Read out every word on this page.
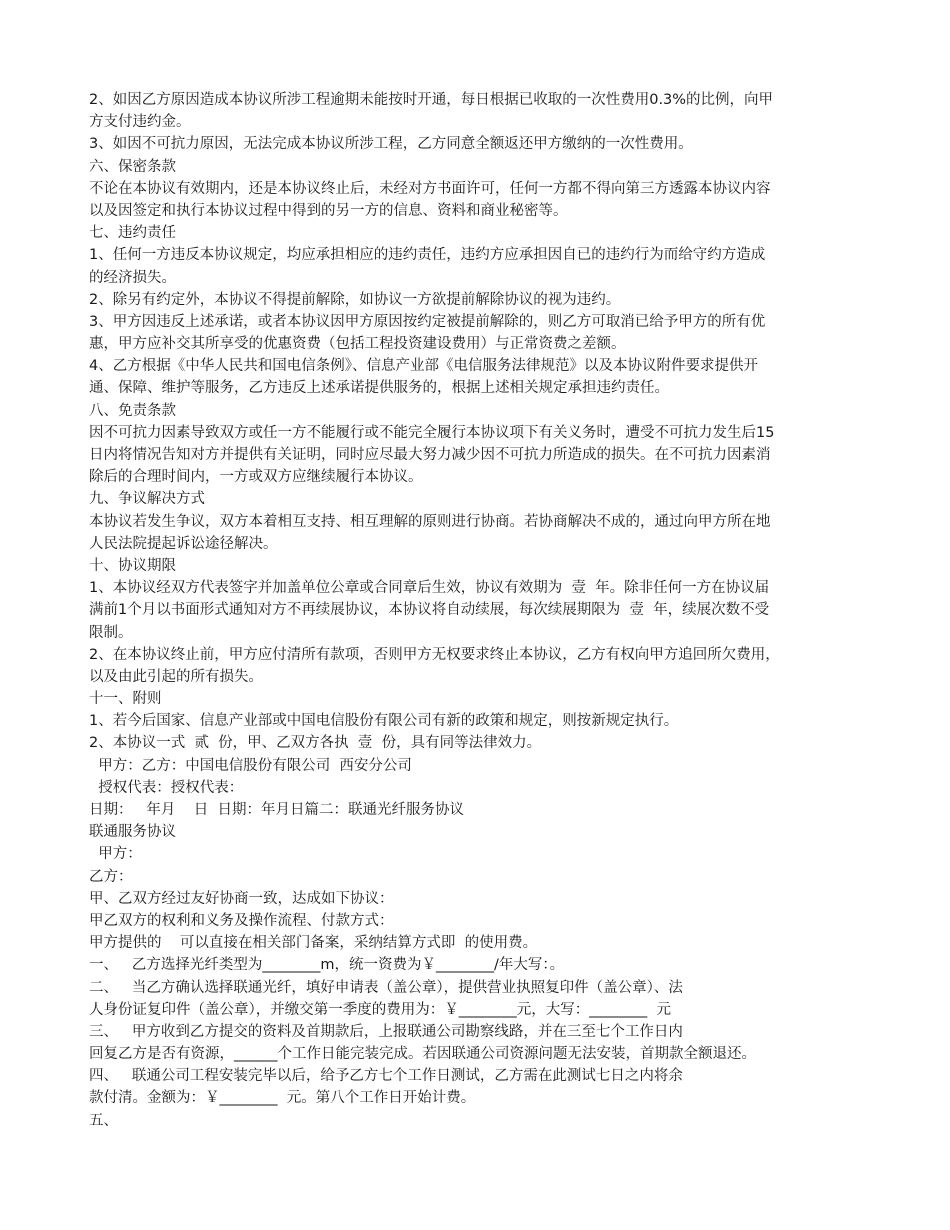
2、如因乙方原因造成本协议所涉工程逾期未能按时开通，每日根据已收取的一次性费用0.3%的比例，向甲
方支付违约金。
3、如因不可抗力原因，无法完成本协议所涉工程，乙方同意全额返还甲方缴纳的一次性费用。
六、保密条款
不论在本协议有效期内，还是本协议终止后，未经对方书面许可，任何一方都不得向第三方透露本协议内容
以及因签定和执行本协议过程中得到的另一方的信息、资料和商业秘密等。
七、违约责任
1、任何一方违反本协议规定，均应承担相应的违约责任，违约方应承担因自已的违约行为而给守约方造成
的经济损失。
2、除另有约定外，本协议不得提前解除，如协议一方欲提前解除协议的视为违约。
3、甲方因违反上述承诺，或者本协议因甲方原因按约定被提前解除的，则乙方可取消已给予甲方的所有优
惠，甲方应补交其所享受的优惠资费（包括工程投资建设费用）与正常资费之差额。
4、乙方根据《中华人民共和国电信条例》、信息产业部《电信服务法律规范》以及本协议附件要求提供开
通、保障、维护等服务，乙方违反上述承诺提供服务的，根据上述相关规定承担违约责任。
八、免责条款
因不可抗力因素导致双方或任一方不能履行或不能完全履行本协议项下有关义务时，遭受不可抗力发生后15
日内将情况告知对方并提供有关证明，同时应尽最大努力减少因不可抗力所造成的损失。在不可抗力因素消
除后的合理时间内，一方或双方应继续履行本协议。
九、争议解决方式
本协议若发生争议，双方本着相互支持、相互理解的原则进行协商。若协商解决不成的，通过向甲方所在地
人民法院提起诉讼途径解决。
十、协议期限
1、本协议经双方代表签字并加盖单位公章或合同章后生效，协议有效期为  壹  年。除非任何一方在协议届
满前1个月以书面形式通知对方不再续展协议，本协议将自动续展，每次续展期限为  壹  年，续展次数不受
限制。
2、在本协议终止前，甲方应付清所有款项，否则甲方无权要求终止本协议，乙方有权向甲方追回所欠费用，
以及由此引起的所有损失。
十一、附则
1、若今后国家、信息产业部或中国电信股份有限公司有新的政策和规定，则按新规定执行。
2、本协议一式  贰  份，甲、乙双方各执  壹  份，具有同等法律效力。
甲方：乙方：中国电信股份有限公司  西安分公司
授权代表：授权代表：
日期：   年月    日  日期：年月日篇二：联通光纤服务协议
联通服务协议
甲方：
乙方：
甲、乙双方经过友好协商一致，达成如下协议：
甲乙双方的权利和义务及操作流程、付款方式：
甲方提供的    可以直接在相关部门备案，采纳结算方式即  的使用费。
一、   乙方选择光纤类型为________m，统一资费为￥________/年大写：。
二、   当乙方确认选择联通光纤，填好申请表（盖公章），提供营业执照复印件（盖公章）、法
人身份证复印件（盖公章），并缴交第一季度的费用为：￥________元，大写：________  元
三、   甲方收到乙方提交的资料及首期款后，上报联通公司勘察线路，并在三至七个工作日内
回复乙方是否有资源，______个工作日能完装完成。若因联通公司资源问题无法安装，首期款全额退还。
四、   联通公司工程安装完毕以后，给予乙方七个工作日测试，乙方需在此测试七日之内将余
款付清。金额为：￥________  元。第八个工作日开始计费。
五、
